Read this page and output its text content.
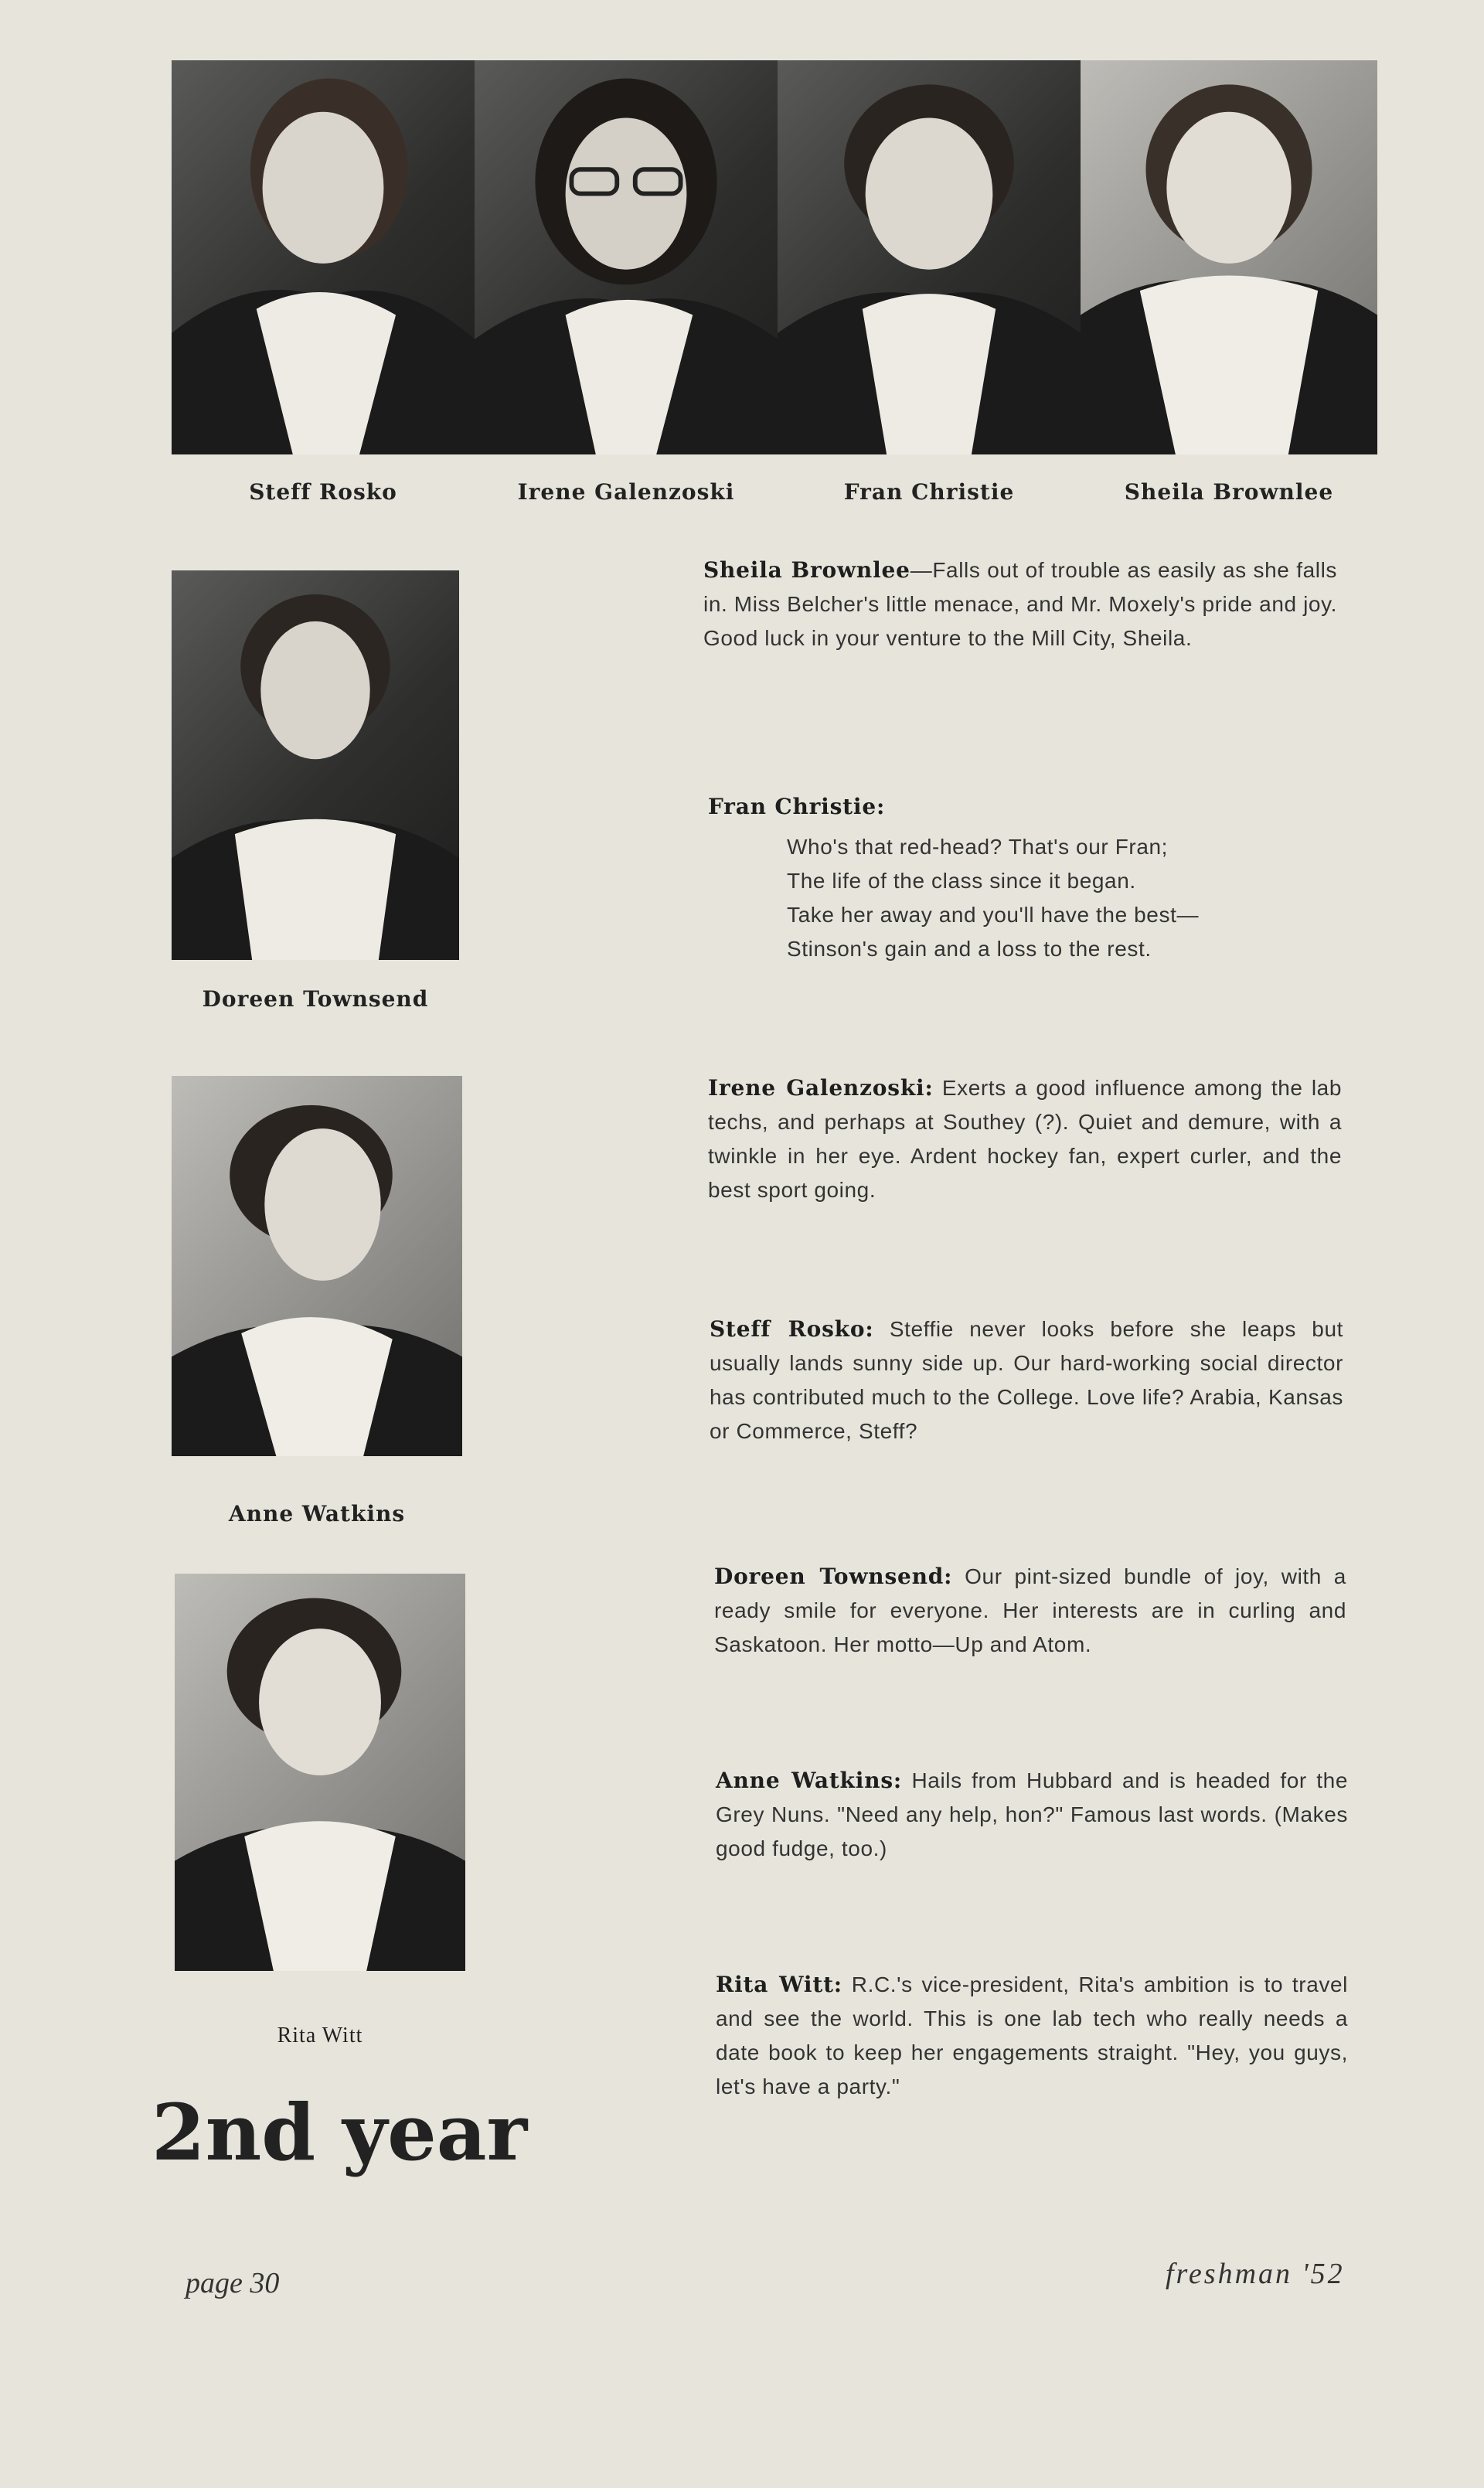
Steff Rosko	Irene Galenzoski	Fran Christie	Sheila Brownlee
Doreen Townsend
Anne Watkins
Rita Witt
2nd year
Sheila Brownlee—Falls out of trouble as easily as she falls in. Miss Belcher's little menace, and Mr. Moxely's pride and joy. Good luck in your venture to the Mill City, Sheila.
Fran Christie:
Who's that red-head? That's our Fran;
The life of the class since it began.
Take her away and you'll have the best—
Stinson's gain and a loss to the rest.
Irene Galenzoski: Exerts a good influence among the lab techs, and perhaps at Southey (?). Quiet and demure, with a twinkle in her eye. Ardent hockey fan, expert curler, and the best sport going.
Steff Rosko: Steffie never looks before she leaps but usually lands sunny side up. Our hard-working social director has contributed much to the College. Love life? Arabia, Kansas or Commerce, Steff?
Doreen Townsend: Our pint-sized bundle of joy, with a ready smile for everyone. Her interests are in curling and Saskatoon. Her motto—Up and Atom.
Anne Watkins: Hails from Hubbard and is headed for the Grey Nuns. "Need any help, hon?" Famous last words. (Makes good fudge, too.)
Rita Witt: R.C.'s vice-president, Rita's ambition is to travel and see the world. This is one lab tech who really needs a date book to keep her engagements straight. "Hey, you guys, let's have a party."
page 30	freshman '52
